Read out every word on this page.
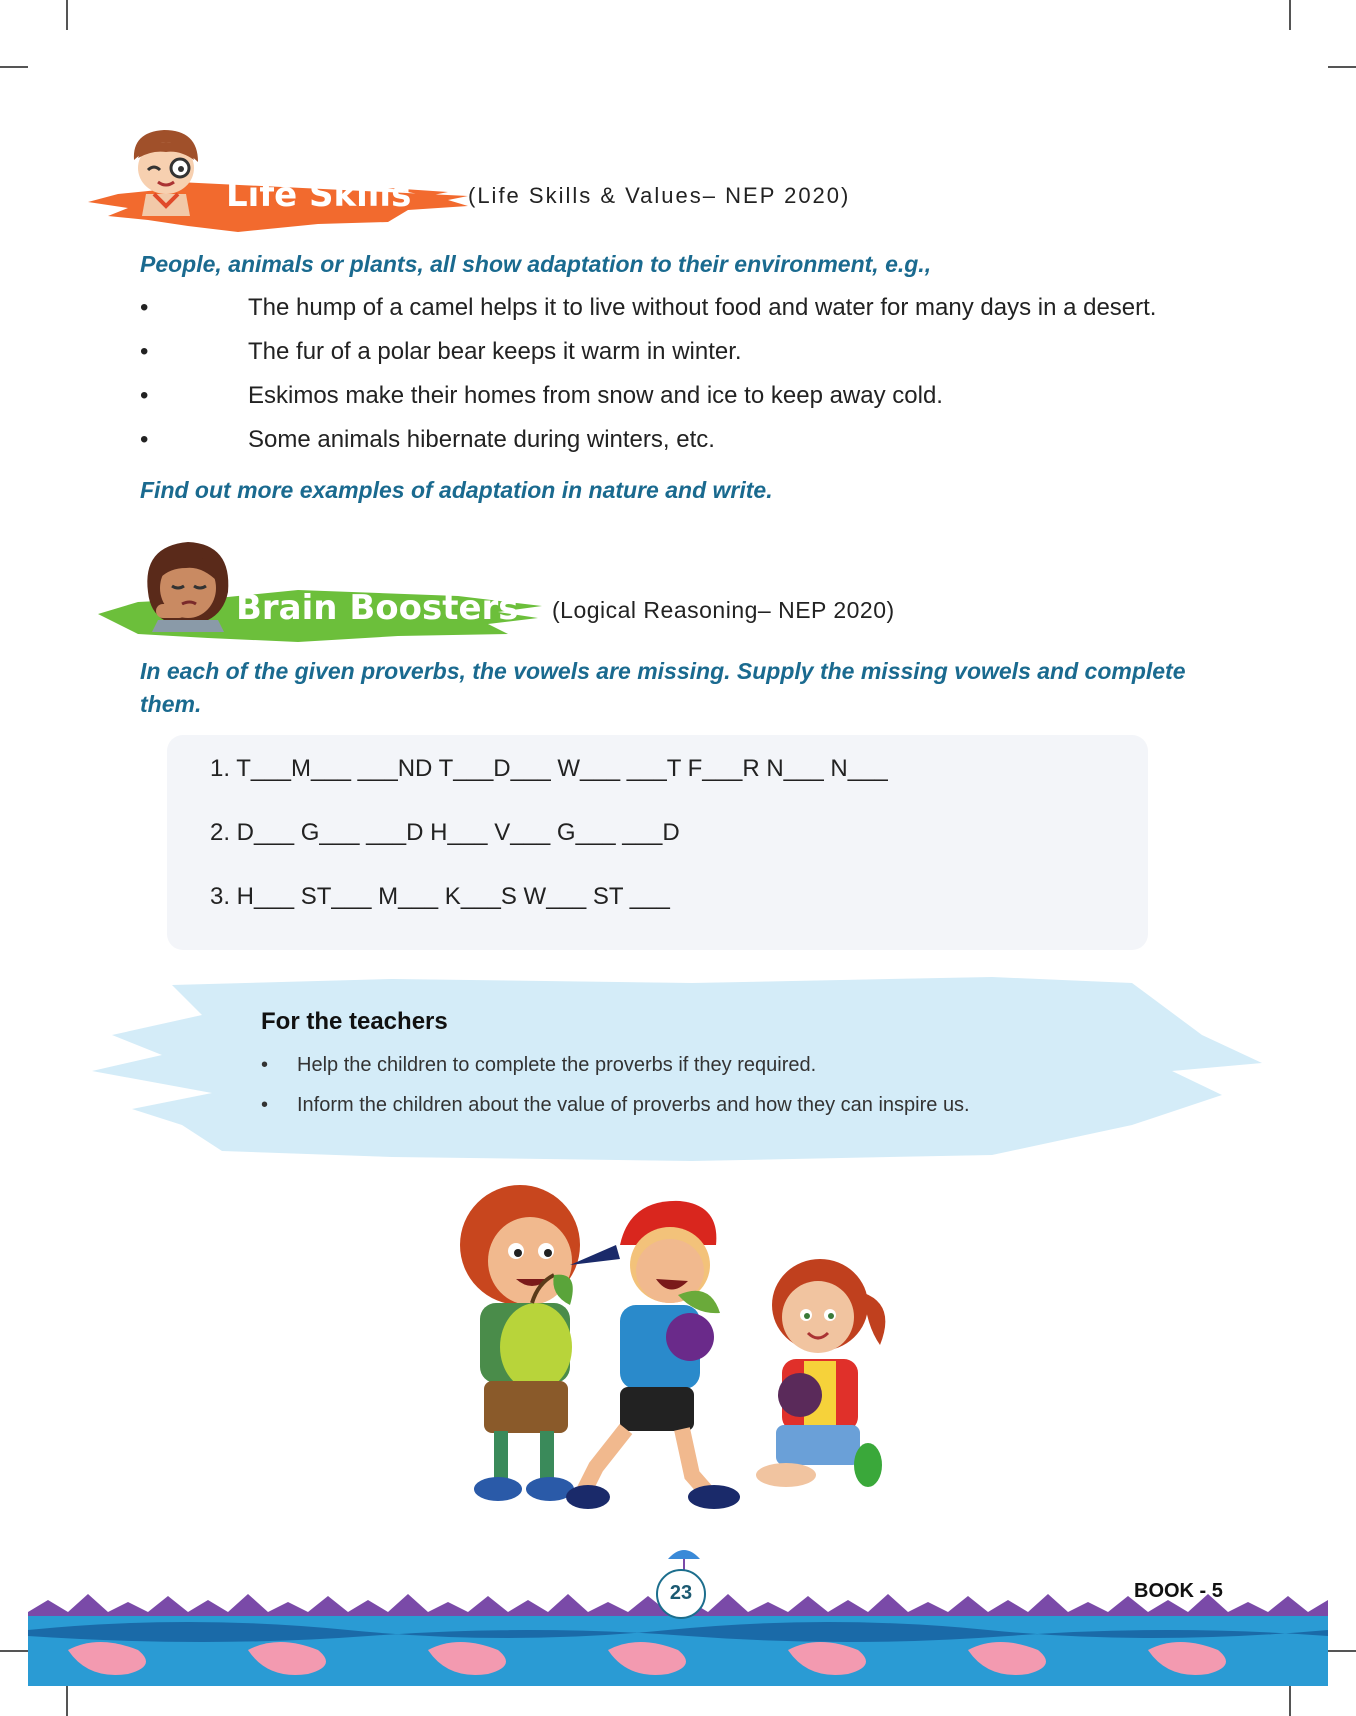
Life Skills	(Life Skills & Values– NEP 2020)
People, animals or plants, all show adaptation to their environment, e.g.,
•	The hump of a camel helps it to live without food and water for many days in a desert.
•	The fur of a polar bear keeps it warm in winter.
•	Eskimos make their homes from snow and ice to keep away cold.
•	Some animals hibernate during winters, etc.
Find out more examples of adaptation in nature and write.
Brain Boosters (Logical Reasoning– NEP 2020)
In each of the given proverbs, the vowels are missing. Supply the missing vowels and complete them.
1. T___M___ ___ND T___D___ W___ ___T F___R N___ N___
2. D___ G___ ___D H___ V___ G___ ___D
3. H___ ST___ M___ K___S W___ ST ___
For the teachers
• Help the children to complete the proverbs if they required.
• Inform the children about the value of proverbs and how they can inspire us.
23	BOOK - 5
